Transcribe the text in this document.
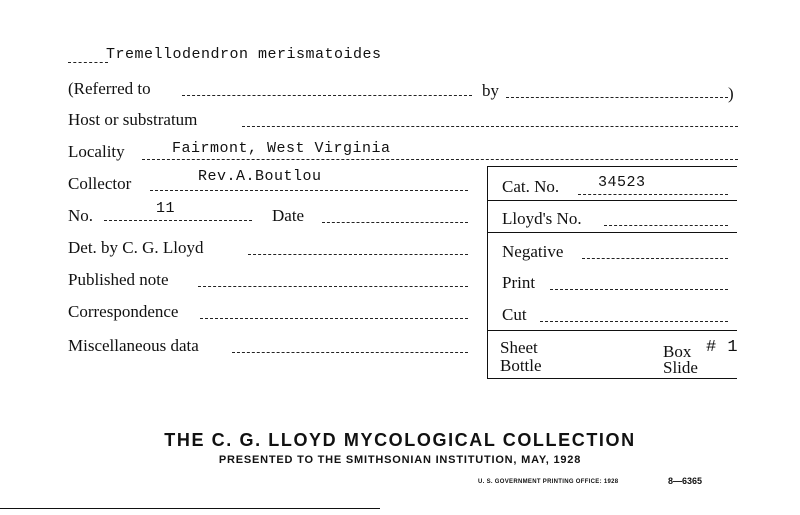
Tremellodendron merismatoides
(Referred to	by	)
Host or substratum
Locality	Fairmont, West Virginia
Collector	Rev.A.Boutlou
No.	11	Date
Det. by C. G. Lloyd
Published note
Correspondence
Miscellaneous data
Cat. No.	34523
Lloyd's No.
Negative
Print
Cut
Sheet
Bottle
Box # 1
Slide
THE C. G. LLOYD MYCOLOGICAL COLLECTION
PRESENTED TO THE SMITHSONIAN INSTITUTION, MAY, 1928
U. S. GOVERNMENT PRINTING OFFICE: 1928	8—6365
